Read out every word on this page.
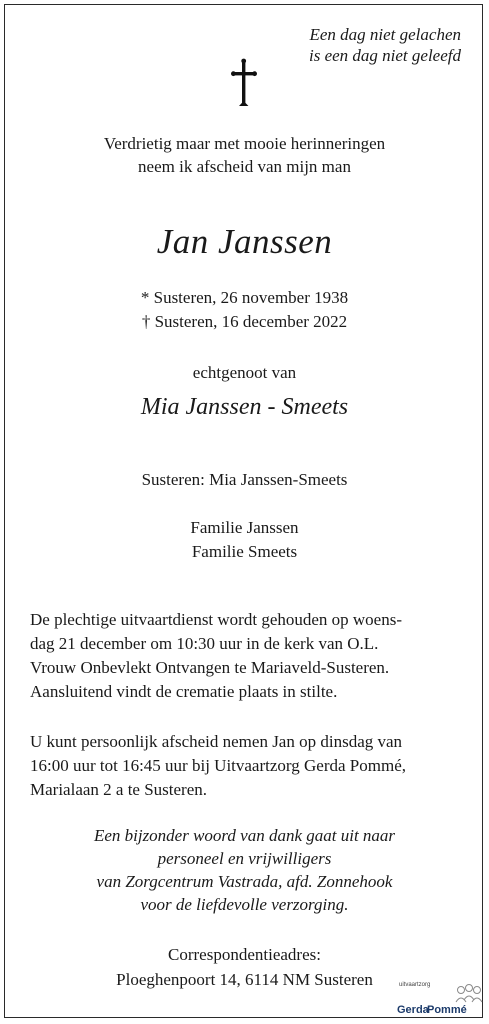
Een dag niet gelachen
is een dag niet geleefd
Verdrietig maar met mooie herinneringen
neem ik afscheid van mijn man
Jan Janssen
* Susteren, 26 november 1938
† Susteren, 16 december 2022
echtgenoot van
Mia Janssen - Smeets
Susteren: Mia Janssen-Smeets
Familie Janssen
Familie Smeets
De plechtige uitvaartdienst wordt gehouden op woens-
dag 21 december om 10:30 uur in de kerk van O.L.
Vrouw Onbevlekt Ontvangen te Mariaveld-Susteren.
Aansluitend vindt de crematie plaats in stilte.
U kunt persoonlijk afscheid nemen Jan op dinsdag van
16:00 uur tot 16:45 uur bij Uitvaartzorg Gerda Pommé,
Marialaan 2 a te Susteren.
Een bijzonder woord van dank gaat uit naar
personeel en vrijwilligers
van Zorgcentrum Vastrada, afd. Zonnehook
voor de liefdevolle verzorging.
Correspondentieadres:
Ploeghenpoort 14, 6114 NM Susteren	uitvaartzorg
Gerda
Pommé
